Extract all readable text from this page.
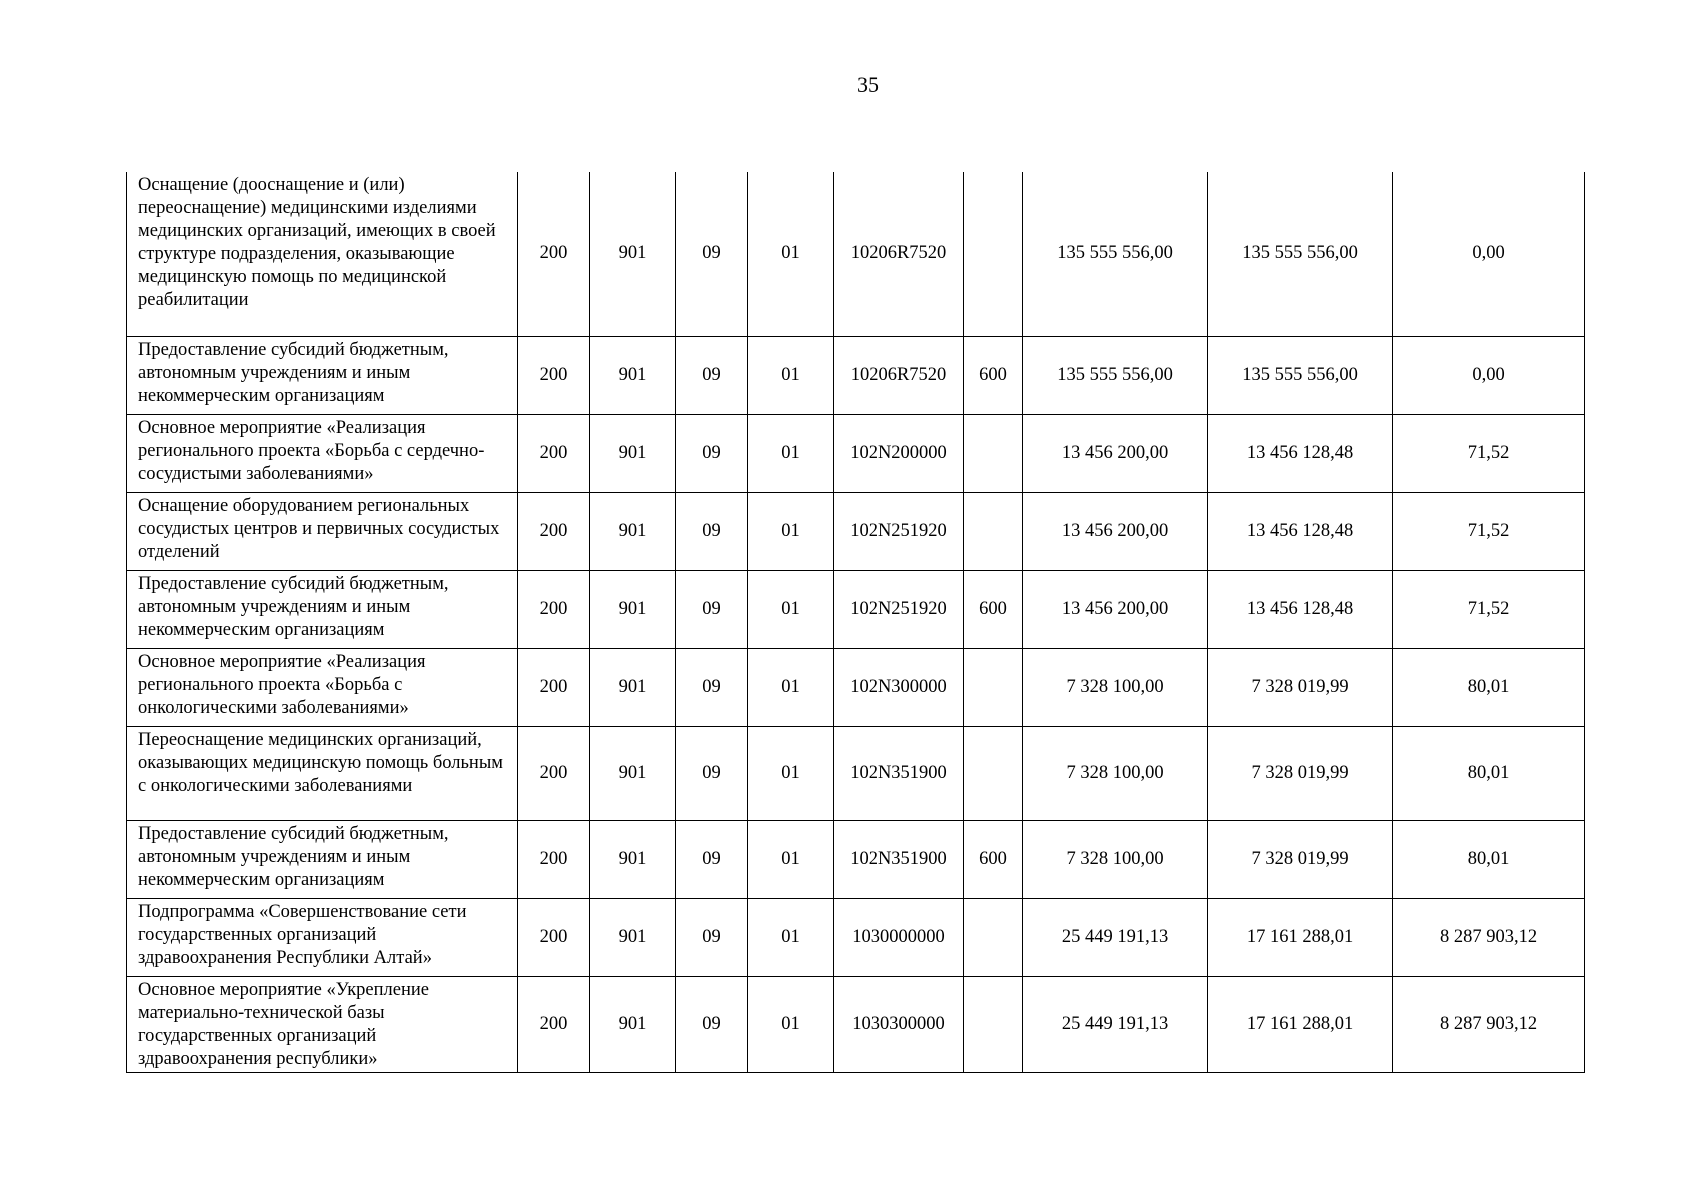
35
Оснащение (дооснащение и (или) переоснащение) медицинскими изделиями медицинских организаций, имеющих в своей структуре подразделения, оказывающие медицинскую помощь по медицинской реабилитации	200	901	09	01	10206R7520		135 555 556,00	135 555 556,00	0,00

Предоставление субсидий бюджетным, автономным учреждениям и иным некоммерческим организациям	200	901	09	01	10206R7520	600	135 555 556,00	135 555 556,00	0,00

Основное мероприятие «Реализация регионального проекта «Борьба с сердечно-сосудистыми заболеваниями»	200	901	09	01	102N200000		13 456 200,00	13 456 128,48	71,52

Оснащение оборудованием региональных сосудистых центров и первичных сосудистых отделений	200	901	09	01	102N251920		13 456 200,00	13 456 128,48	71,52

Предоставление субсидий бюджетным, автономным учреждениям и иным некоммерческим организациям	200	901	09	01	102N251920	600	13 456 200,00	13 456 128,48	71,52

Основное мероприятие «Реализация регионального проекта «Борьба с онкологическими заболеваниями»	200	901	09	01	102N300000		7 328 100,00	7 328 019,99	80,01

Переоснащение медицинских организаций, оказывающих медицинскую помощь больным с онкологическими заболеваниями	200	901	09	01	102N351900		7 328 100,00	7 328 019,99	80,01

Предоставление субсидий бюджетным, автономным учреждениям и иным некоммерческим организациям	200	901	09	01	102N351900	600	7 328 100,00	7 328 019,99	80,01

Подпрограмма «Совершенствование сети государственных организаций здравоохранения Республики Алтай»	200	901	09	01	1030000000		25 449 191,13	17 161 288,01	8 287 903,12

Основное мероприятие «Укрепление материально-технической базы государственных организаций здравоохранения республики»	200	901	09	01	1030300000		25 449 191,13	17 161 288,01	8 287 903,12
